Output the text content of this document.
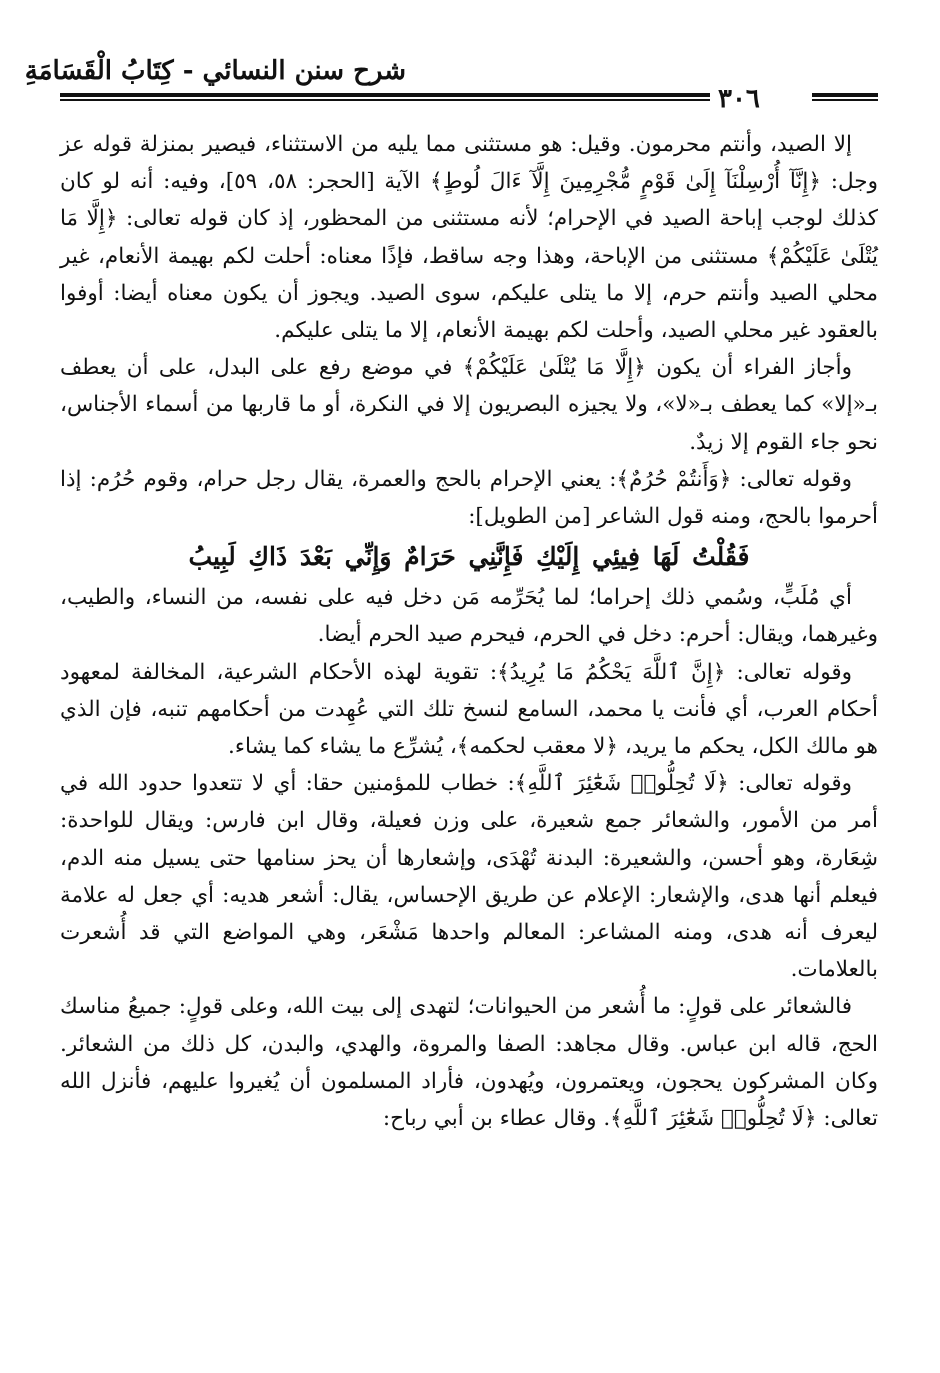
شرح سنن النسائي - كِتَابُ الْقَسَامَةِ
٣٠٦

إلا الصيد، وأنتم محرمون. وقيل: هو مستثنى مما يليه من الاستثناء، فيصير بمنزلة قوله عز وجل: ﴿إِنَّآ أُرْسِلْنَآ إِلَىٰ قَوْمٍ مُّجْرِمِينَ إِلَّآ ءَالَ لُوطٍ﴾ الآية [الحجر: ٥٨، ٥٩]، وفيه: أنه لو كان كذلك لوجب إباحة الصيد في الإحرام؛ لأنه مستثنى من المحظور، إذ كان قوله تعالى: ﴿إِلَّا مَا يُتْلَىٰ عَلَيْكُمْ﴾ مستثنى من الإباحة، وهذا وجه ساقط، فإذًا معناه: أحلت لكم بهيمة الأنعام، غير محلي الصيد وأنتم حرم، إلا ما يتلى عليكم، سوى الصيد. ويجوز أن يكون معناه أيضا: أوفوا بالعقود غير محلي الصيد، وأحلت لكم بهيمة الأنعام، إلا ما يتلى عليكم.

وأجاز الفراء أن يكون ﴿إِلَّا مَا يُتْلَىٰ عَلَيْكُمْ﴾ في موضع رفع على البدل، على أن يعطف بـ«إلا» كما يعطف بـ«لا»، ولا يجيزه البصريون إلا في النكرة، أو ما قاربها من أسماء الأجناس، نحو جاء القوم إلا زيدٌ.

وقوله تعالى: ﴿وَأَنتُمْ حُرُمٌ﴾: يعني الإحرام بالحج والعمرة، يقال رجل حرام، وقوم حُرُم: إذا أحرموا بالحج، ومنه قول الشاعر [من الطويل]:

فَقُلْتُ لَهَا فِيئِي إِلَيْكِ فَإِنَّنِي حَرَامٌ وَإِنِّي بَعْدَ ذَاكِ لَبِيبُ

أي مُلَبٍّ، وسُمي ذلك إحراما؛ لما يُحَرِّمه مَن دخل فيه على نفسه، من النساء، والطيب، وغيرهما، ويقال: أحرم: دخل في الحرم، فيحرم صيد الحرم أيضا.

وقوله تعالى: ﴿إِنَّ ٱللَّهَ يَحْكُمُ مَا يُرِيدُ﴾: تقوية لهذه الأحكام الشرعية، المخالفة لمعهود أحكام العرب، أي فأنت يا محمد، السامع لنسخ تلك التي عُهِدت من أحكامهم تنبه، فإن الذي هو مالك الكل، يحكم ما يريد، ﴿لا معقب لحكمه﴾، يُشرِّع ما يشاء كما يشاء.

وقوله تعالى: ﴿لَا تُحِلُّوا۟ شَعَٰٓئِرَ ٱللَّهِ﴾: خطاب للمؤمنين حقا: أي لا تتعدوا حدود الله في أمر من الأمور، والشعائر جمع شعيرة، على وزن فعيلة، وقال ابن فارس: ويقال للواحدة: شِعَارة، وهو أحسن، والشعيرة: البدنة تُهْدَى، وإشعارها أن يحز سنامها حتى يسيل منه الدم، فيعلم أنها هدى، والإشعار: الإعلام عن طريق الإحساس، يقال: أشعر هديه: أي جعل له علامة ليعرف أنه هدى، ومنه المشاعر: المعالم واحدها مَشْعَر، وهي المواضع التي قد أُشعرت بالعلامات.

فالشعائر على قولٍ: ما أُشعر من الحيوانات؛ لتهدى إلى بيت الله، وعلى قولٍ: جميعُ مناسك الحج، قاله ابن عباس. وقال مجاهد: الصفا والمروة، والهدي، والبدن، كل ذلك من الشعائر. وكان المشركون يحجون، ويعتمرون، ويُهدون، فأراد المسلمون أن يُغيروا عليهم، فأنزل الله تعالى: ﴿لَا تُحِلُّوا۟ شَعَٰٓئِرَ ٱللَّهِ﴾. وقال عطاء بن أبي رباح:
